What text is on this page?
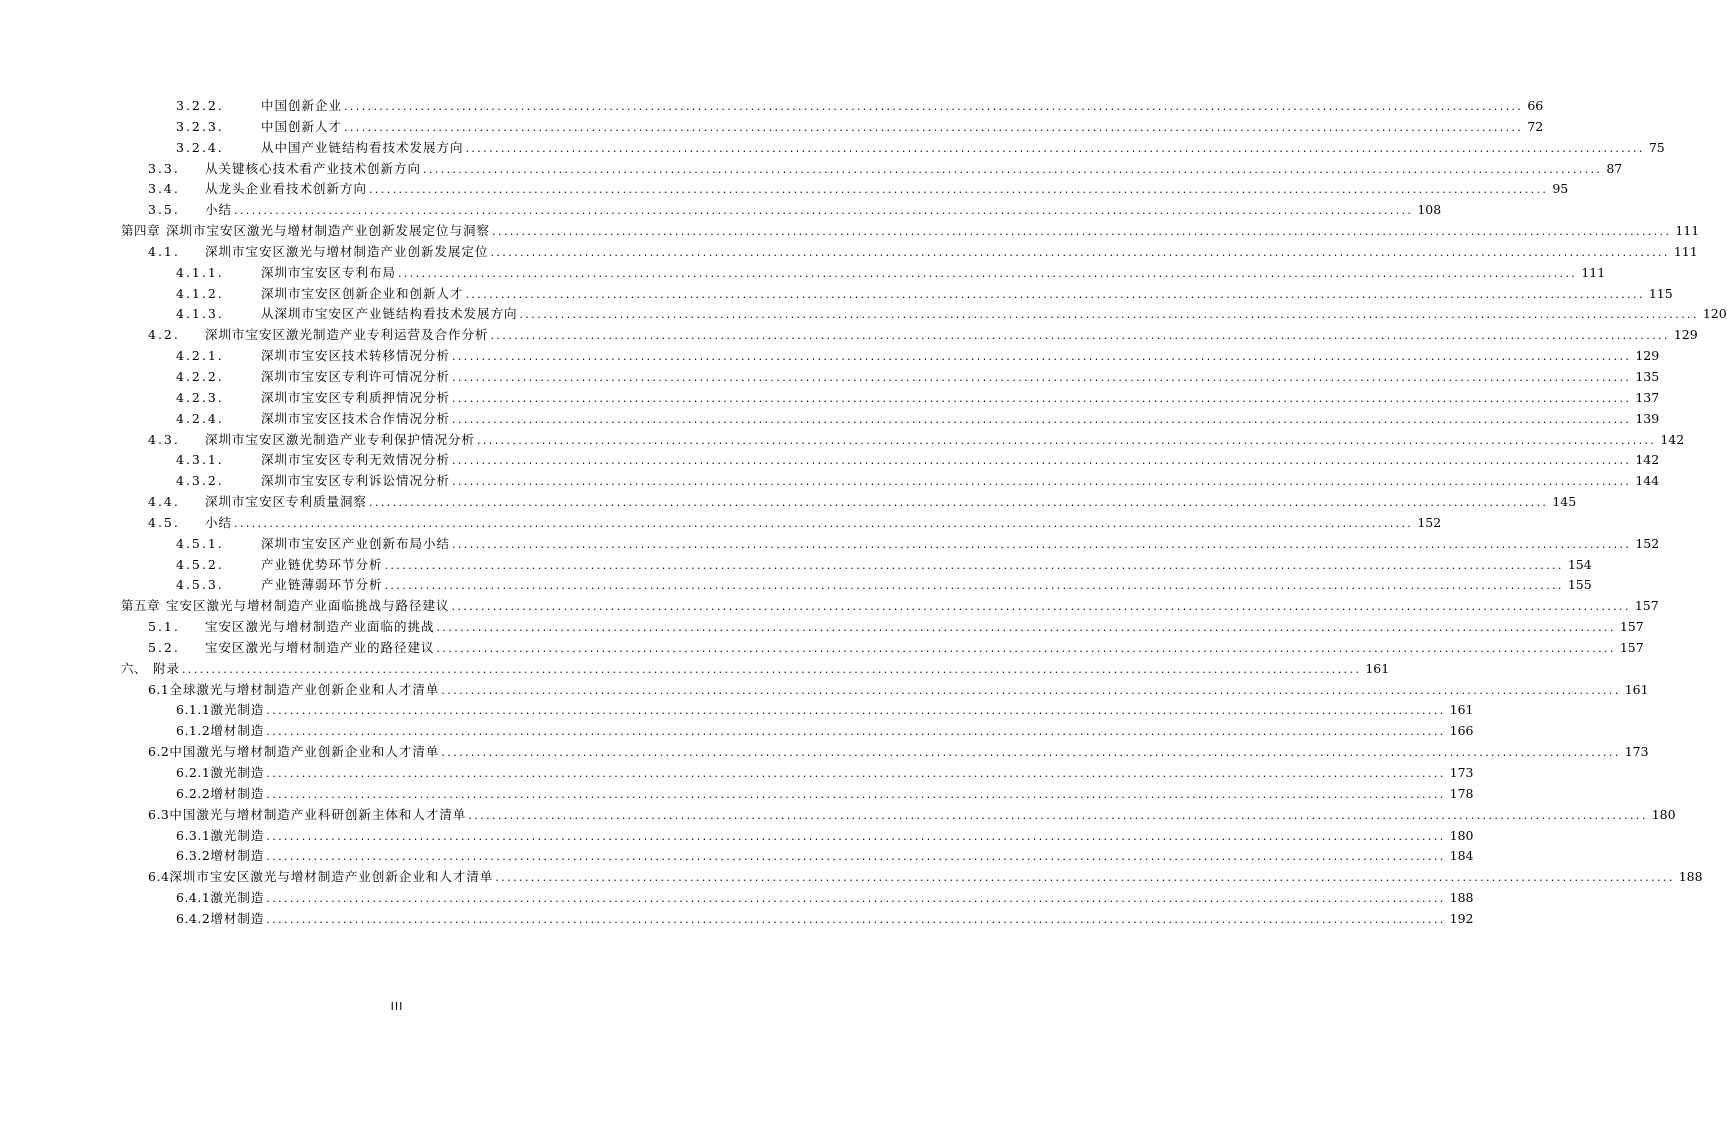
3.2.2.	中国创新企业 ........................................................................................................................................................................................................ 66
3.2.3.	中国创新人才 ........................................................................................................................................................................................................ 72
3.2.4.	从中国产业链结构看技术发展方向 ........................................................................................................................................................................................................ 75
3.3. 从关键核心技术看产业技术创新方向 ........................................................................................................................................................................................................ 87
3.4. 从龙头企业看技术创新方向 ........................................................................................................................................................................................................ 95
3.5. 小结 ........................................................................................................................................................................................................ 108
第四章 深圳市宝安区激光与增材制造产业创新发展定位与洞察 ........................................................................................................................................................................................................ 111
4.1. 深圳市宝安区激光与增材制造产业创新发展定位 ........................................................................................................................................................................................................ 111
4.1.1.	深圳市宝安区专利布局 ........................................................................................................................................................................................................ 111
4.1.2.	深圳市宝安区创新企业和创新人才 ........................................................................................................................................................................................................ 115
4.1.3.	从深圳市宝安区产业链结构看技术发展方向 ........................................................................................................................................................................................................ 120
4.2. 深圳市宝安区激光制造产业专利运营及合作分析 ........................................................................................................................................................................................................ 129
4.2.1.	深圳市宝安区技术转移情况分析 ........................................................................................................................................................................................................ 129
4.2.2.	深圳市宝安区专利许可情况分析 ........................................................................................................................................................................................................ 135
4.2.3.	深圳市宝安区专利质押情况分析 ........................................................................................................................................................................................................ 137
4.2.4.	深圳市宝安区技术合作情况分析 ........................................................................................................................................................................................................ 139
4.3. 深圳市宝安区激光制造产业专利保护情况分析 ........................................................................................................................................................................................................ 142
4.3.1.	深圳市宝安区专利无效情况分析 ........................................................................................................................................................................................................ 142
4.3.2.	深圳市宝安区专利诉讼情况分析 ........................................................................................................................................................................................................ 144
4.4. 深圳市宝安区专利质量洞察 ........................................................................................................................................................................................................ 145
4.5. 小结 ........................................................................................................................................................................................................ 152
4.5.1.	深圳市宝安区产业创新布局小结 ........................................................................................................................................................................................................ 152
4.5.2.	产业链优势环节分析 ........................................................................................................................................................................................................ 154
4.5.3.	产业链薄弱环节分析 ........................................................................................................................................................................................................ 155
第五章 宝安区激光与增材制造产业面临挑战与路径建议 ........................................................................................................................................................................................................ 157
5.1. 宝安区激光与增材制造产业面临的挑战 ........................................................................................................................................................................................................ 157
5.2. 宝安区激光与增材制造产业的路径建议 ........................................................................................................................................................................................................ 157
六、 附录 ........................................................................................................................................................................................................ 161
6.1 全球激光与增材制造产业创新企业和人才清单 ........................................................................................................................................................................................................ 161
6.1.1 激光制造 ........................................................................................................................................................................................................ 161
6.1.2 增材制造 ........................................................................................................................................................................................................ 166
6.2 中国激光与增材制造产业创新企业和人才清单 ........................................................................................................................................................................................................ 173
6.2.1 激光制造 ........................................................................................................................................................................................................ 173
6.2.2 增材制造 ........................................................................................................................................................................................................ 178
6.3 中国激光与增材制造产业科研创新主体和人才清单 ........................................................................................................................................................................................................ 180
6.3.1 激光制造 ........................................................................................................................................................................................................ 180
6.3.2 增材制造 ........................................................................................................................................................................................................ 184
6.4 深圳市宝安区激光与增材制造产业创新企业和人才清单 ........................................................................................................................................................................................................ 188
6.4.1 激光制造 ........................................................................................................................................................................................................ 188
6.4.2 增材制造 ........................................................................................................................................................................................................ 192
III
